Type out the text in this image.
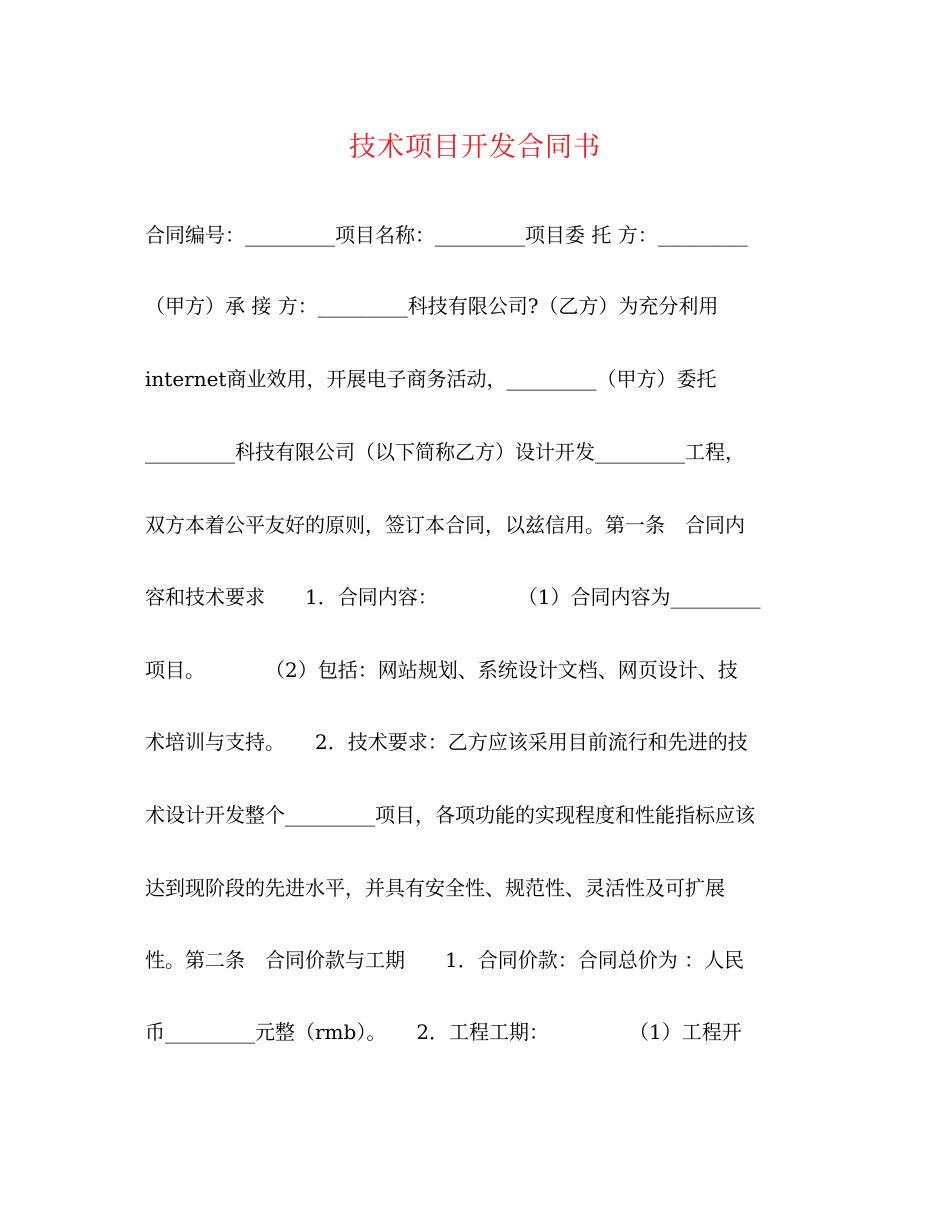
技术项目开发合同书
合同编号：_________项目名称：_________项目委 托 方：_________
（甲方）承 接 方：_________科技有限公司?（乙方）为充分利用
internet商业效用，开展电子商务活动，_________（甲方）委托
_________科技有限公司（以下简称乙方）设计开发_________工程，
双方本着公平友好的原则，签订本合同，以兹信用。第一条　合同内
容和技术要求　　1．合同内容：　　　　　（1）合同内容为_________
项目。　　　　（2）包括：网站规划、系统设计文档、网页设计、技
术培训与支持。　　2．技术要求：乙方应该采用目前流行和先进的技
术设计开发整个_________项目，各项功能的实现程度和性能指标应该
达到现阶段的先进水平，并具有安全性、规范性、灵活性及可扩展
性。第二条　合同价款与工期　　1．合同价款：合同总价为 ：人民
币_________元整（rmb）。　　2．工程工期：　　　　　（1）工程开
